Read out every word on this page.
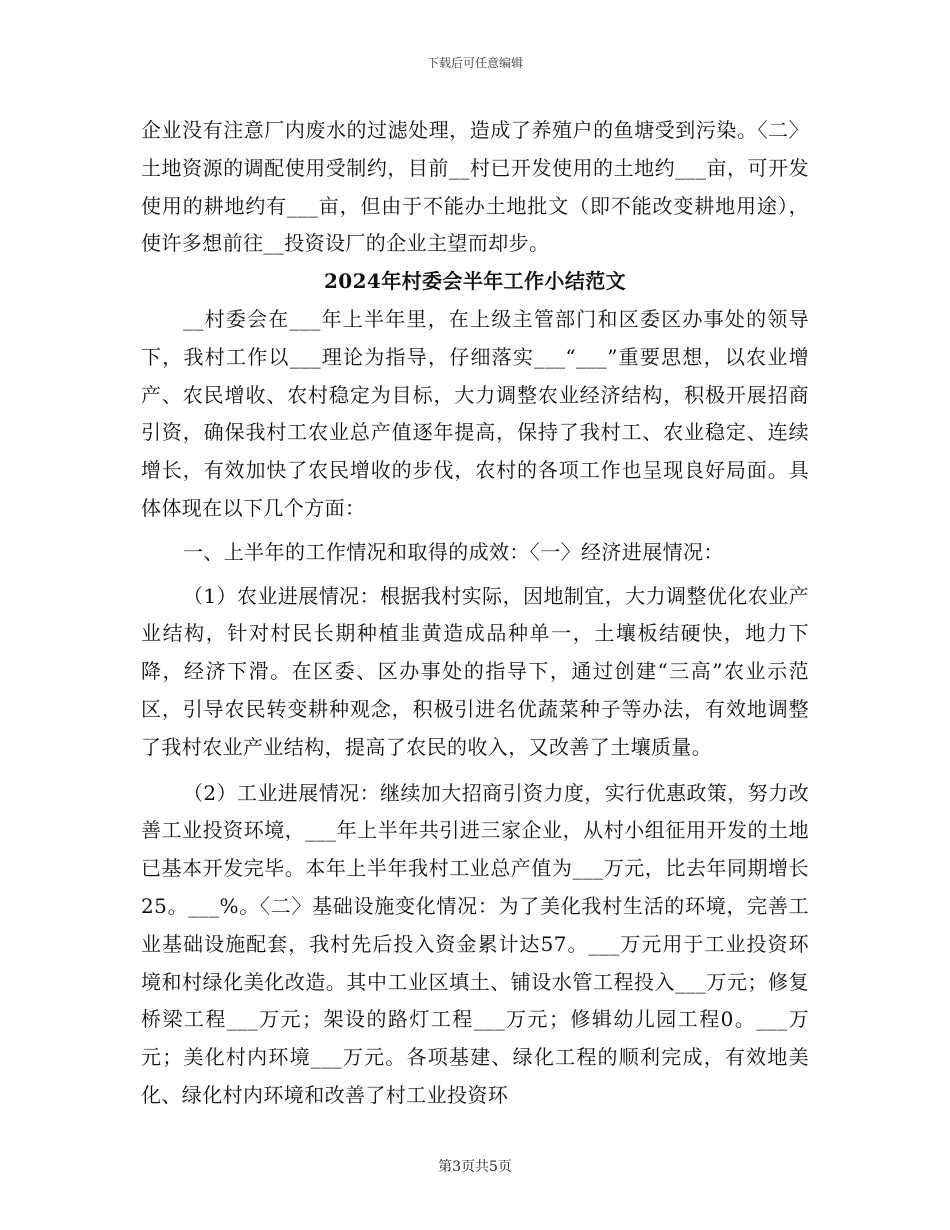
下载后可任意编辑

企业没有注意厂内废水的过滤处理，造成了养殖户的鱼塘受到污染。〈二〉土地资源的调配使用受制约，目前__村已开发使用的土地约___亩，可开发使用的耕地约有___亩，但由于不能办土地批文（即不能改变耕地用途），使许多想前往__投资设厂的企业主望而却步。

2024年村委会半年工作小结范文

__村委会在___年上半年里，在上级主管部门和区委区办事处的领导下，我村工作以___理论为指导，仔细落实___“___”重要思想，以农业增产、农民增收、农村稳定为目标，大力调整农业经济结构，积极开展招商引资，确保我村工农业总产值逐年提高，保持了我村工、农业稳定、连续增长，有效加快了农民增收的步伐，农村的各项工作也呈现良好局面。具体体现在以下几个方面：

一、上半年的工作情况和取得的成效：〈一〉经济进展情况：

（1）农业进展情况：根据我村实际，因地制宜，大力调整优化农业产业结构，针对村民长期种植韭黄造成品种单一，土壤板结硬快，地力下降，经济下滑。在区委、区办事处的指导下，通过创建“三高”农业示范区，引导农民转变耕种观念，积极引进名优蔬菜种子等办法，有效地调整了我村农业产业结构，提高了农民的收入，又改善了土壤质量。

（2）工业进展情况：继续加大招商引资力度，实行优惠政策，努力改善工业投资环境，___年上半年共引进三家企业，从村小组征用开发的土地已基本开发完毕。本年上半年我村工业总产值为___万元，比去年同期增长25。___%。〈二〉基础设施变化情况：为了美化我村生活的环境，完善工业基础设施配套，我村先后投入资金累计达57。___万元用于工业投资环境和村绿化美化改造。其中工业区填土、铺设水管工程投入___万元；修复桥梁工程___万元；架设的路灯工程___万元；修辑幼儿园工程0。___万元；美化村内环境___万元。各项基建、绿化工程的顺利完成，有效地美化、绿化村内环境和改善了村工业投资环

第3页共5页
